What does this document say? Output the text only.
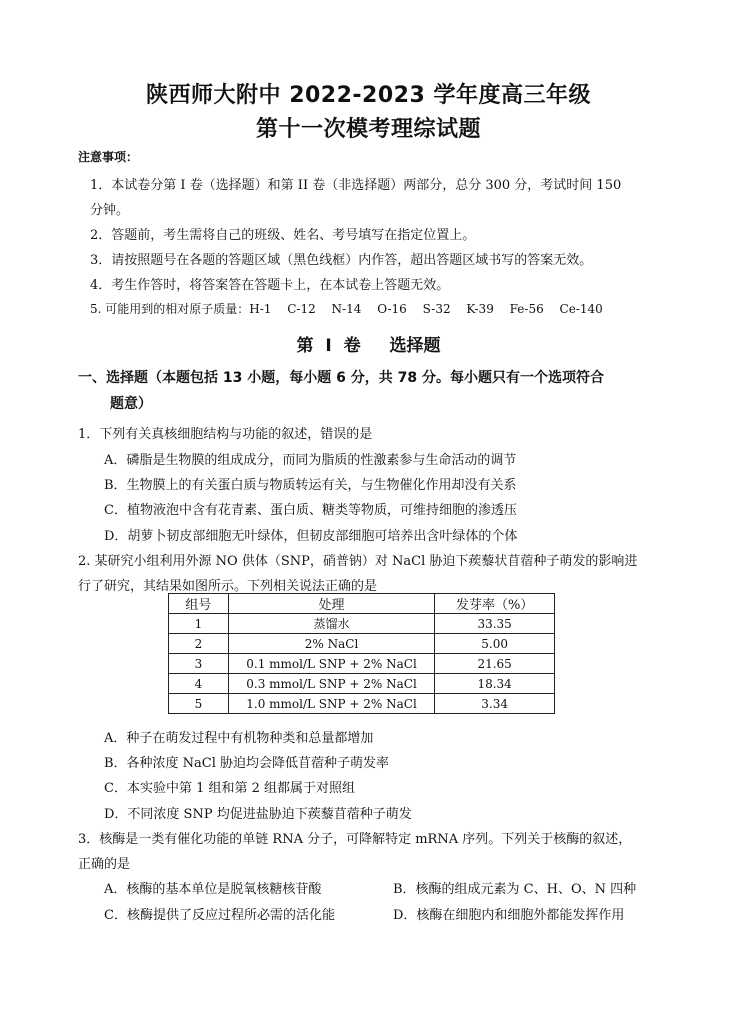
陕西师大附中 2022-2023 学年度高三年级
第十一次模考理综试题
注意事项：
1．本试卷分第 I 卷（选择题）和第 II 卷（非选择题）两部分，总分 300 分，考试时间 150
分钟。
2．答题前，考生需将自己的班级、姓名、考号填写在指定位置上。
3．请按照题号在各题的答题区域（黑色线框）内作答，超出答题区域书写的答案无效。
4．考生作答时，将答案答在答题卡上，在本试卷上答题无效。
5. 可能用到的相对原子质量：H-1　 C-12　 N-14　 O-16　 S-32　 K-39　 Fe-56　 Ce-140
第 I 卷　 选择题
一、选择题（本题包括 13 小题，每小题 6 分，共 78 分。每小题只有一个选项符合
题意）
1．下列有关真核细胞结构与功能的叙述，错误的是
A．磷脂是生物膜的组成成分，而同为脂质的性激素参与生命活动的调节
B．生物膜上的有关蛋白质与物质转运有关，与生物催化作用却没有关系
C．植物液泡中含有花青素、蛋白质、糖类等物质，可维持细胞的渗透压
D．胡萝卜韧皮部细胞无叶绿体，但韧皮部细胞可培养出含叶绿体的个体
2. 某研究小组利用外源 NO 供体（SNP，硝普钠）对 NaCl 胁迫下蒺藜状苜蓿种子萌发的影响进
行了研究，其结果如图所示。下列相关说法正确的是
组号	处理	发芽率（%）
1	蒸馏水	33.35
2	2% NaCl	5.00
3	0.1 mmol/L SNP + 2% NaCl	21.65
4	0.3 mmol/L SNP + 2% NaCl	18.34
5	1.0 mmol/L SNP + 2% NaCl	3.34
A．种子在萌发过程中有机物种类和总量都增加
B．各种浓度 NaCl 胁迫均会降低苜蓿种子萌发率
C．本实验中第 1 组和第 2 组都属于对照组
D．不同浓度 SNP 均促进盐胁迫下蒺藜苜蓿种子萌发
3．核酶是一类有催化功能的单链 RNA 分子，可降解特定 mRNA 序列。下列关于核酶的叙述，
正确的是
A．核酶的基本单位是脱氧核糖核苷酸	B．核酶的组成元素为 C、H、O、N 四种
C．核酶提供了反应过程所必需的活化能	D．核酶在细胞内和细胞外都能发挥作用
